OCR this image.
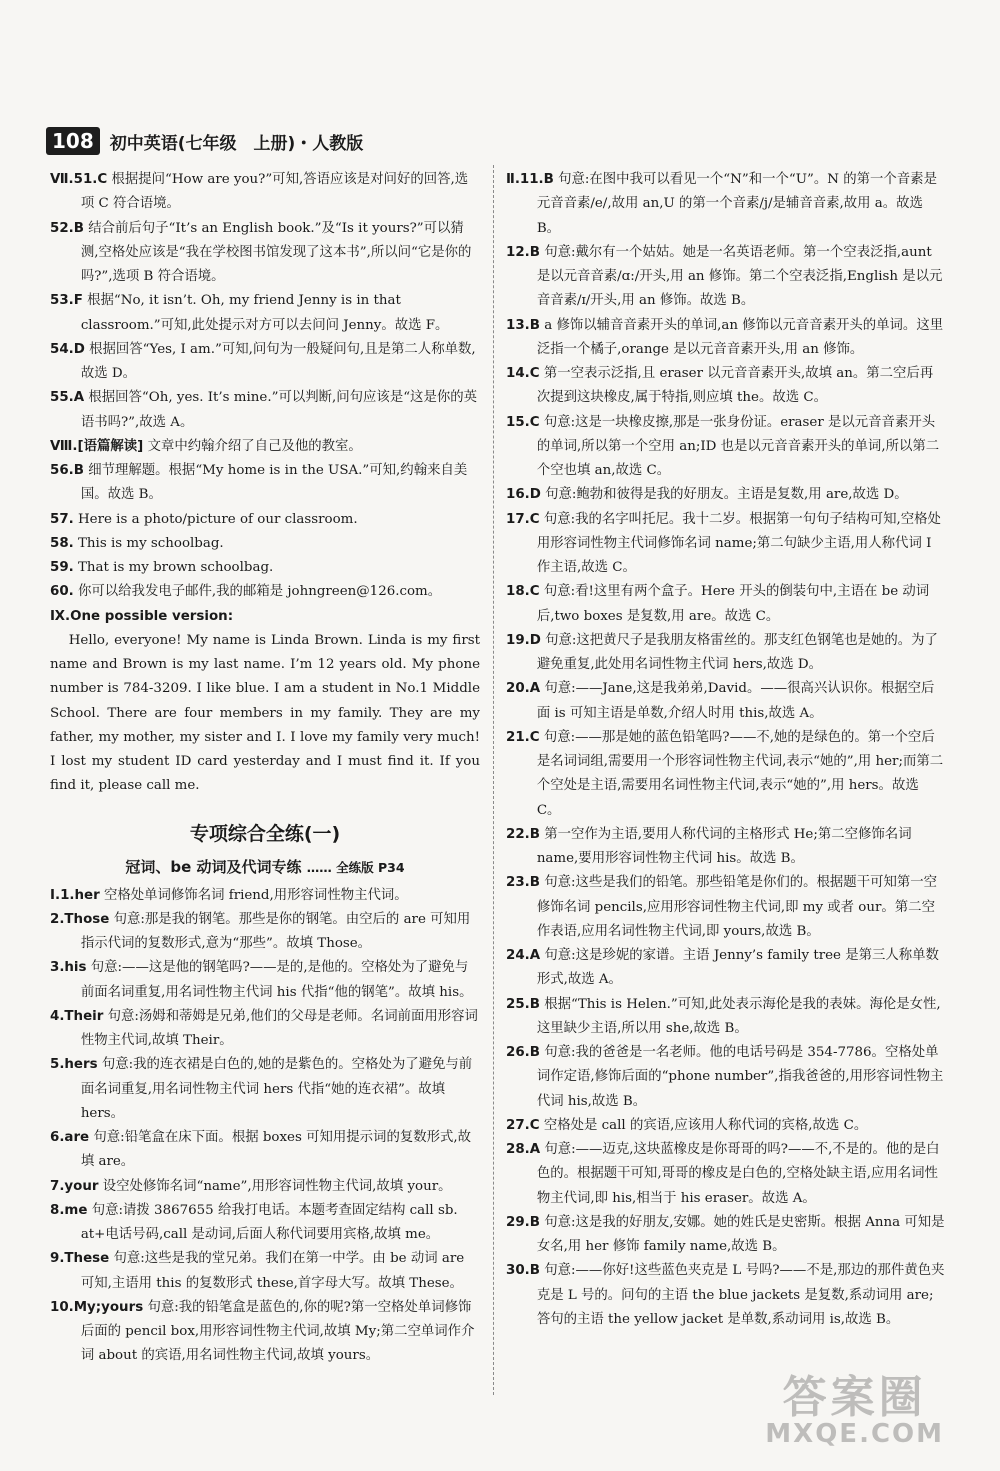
108 初中英语(七年级　上册)・人教版
Ⅶ.51.C 根据提问“How are you?”可知,答语应该是对问好的回答,选项 C 符合语境。
52.B 结合前后句子“It’s an English book.”及“Is it yours?”可以猜测,空格处应该是“我在学校图书馆发现了这本书”,所以问“它是你的吗?”,选项 B 符合语境。
53.F 根据“No, it isn’t. Oh, my friend Jenny is in that classroom.”可知,此处提示对方可以去问问 Jenny。故选 F。
54.D 根据回答“Yes, I am.”可知,问句为一般疑问句,且是第二人称单数,故选 D。
55.A 根据回答“Oh, yes. It’s mine.”可以判断,问句应该是“这是你的英语书吗?”,故选 A。
Ⅷ.[语篇解读] 文章中约翰介绍了自己及他的教室。
56.B 细节理解题。根据“My home is in the USA.”可知,约翰来自美国。故选 B。
57. Here is a photo/picture of our classroom.
58. This is my schoolbag.
59. That is my brown schoolbag.
60. 你可以给我发电子邮件,我的邮箱是 johngreen@126.com。
Ⅸ.One possible version:
Hello, everyone! My name is Linda Brown. Linda is my first name and Brown is my last name. I’m 12 years old. My phone number is 784-3209. I like blue. I am a student in No.1 Middle School. There are four members in my family. They are my father, my mother, my sister and I. I love my family very much! I lost my student ID card yesterday and I must find it. If you find it, please call me.
专项综合全练(一)
冠词、be 动词及代词专练 …… 全练版 P34
Ⅰ.1.her 空格处单词修饰名词 friend,用形容词性物主代词。
2.Those 句意:那是我的钢笔。那些是你的钢笔。由空后的 are 可知用指示代词的复数形式,意为“那些”。故填 Those。
3.his 句意:——这是他的钢笔吗?——是的,是他的。空格处为了避免与前面名词重复,用名词性物主代词 his 代指“他的钢笔”。故填 his。
4.Their 句意:汤姆和蒂姆是兄弟,他们的父母是老师。名词前面用形容词性物主代词,故填 Their。
5.hers 句意:我的连衣裙是白色的,她的是紫色的。空格处为了避免与前面名词重复,用名词性物主代词 hers 代指“她的连衣裙”。故填 hers。
6.are 句意:铅笔盒在床下面。根据 boxes 可知用提示词的复数形式,故填 are。
7.your 设空处修饰名词“name”,用形容词性物主代词,故填 your。
8.me 句意:请拨 3867655 给我打电话。本题考查固定结构 call sb. at+电话号码,call 是动词,后面人称代词要用宾格,故填 me。
9.These 句意:这些是我的堂兄弟。我们在第一中学。由 be 动词 are 可知,主语用 this 的复数形式 these,首字母大写。故填 These。
10.My;yours 句意:我的铅笔盒是蓝色的,你的呢?第一空格处单词修饰后面的 pencil box,用形容词性物主代词,故填 My;第二空单词作介词 about 的宾语,用名词性物主代词,故填 yours。
Ⅱ.11.B 句意:在图中我可以看见一个“N”和一个“U”。N 的第一个音素是元音音素/e/,故用 an,U 的第一个音素/j/是辅音音素,故用 a。故选 B。
12.B 句意:戴尔有一个姑姑。她是一名英语老师。第一个空表泛指,aunt 是以元音音素/ɑ:/开头,用 an 修饰。第二个空表泛指,English 是以元音音素/ɪ/开头,用 an 修饰。故选 B。
13.B a 修饰以辅音音素开头的单词,an 修饰以元音音素开头的单词。这里泛指一个橘子,orange 是以元音音素开头,用 an 修饰。
14.C 第一空表示泛指,且 eraser 以元音音素开头,故填 an。第二空后再次提到这块橡皮,属于特指,则应填 the。故选 C。
15.C 句意:这是一块橡皮擦,那是一张身份证。eraser 是以元音音素开头的单词,所以第一个空用 an;ID 也是以元音音素开头的单词,所以第二个空也填 an,故选 C。
16.D 句意:鲍勃和彼得是我的好朋友。主语是复数,用 are,故选 D。
17.C 句意:我的名字叫托尼。我十二岁。根据第一句句子结构可知,空格处用形容词性物主代词修饰名词 name;第二句缺少主语,用人称代词 I 作主语,故选 C。
18.C 句意:看!这里有两个盒子。Here 开头的倒装句中,主语在 be 动词后,two boxes 是复数,用 are。故选 C。
19.D 句意:这把黄尺子是我朋友格雷丝的。那支红色钢笔也是她的。为了避免重复,此处用名词性物主代词 hers,故选 D。
20.A 句意:——Jane,这是我弟弟,David。——很高兴认识你。根据空后面 is 可知主语是单数,介绍人时用 this,故选 A。
21.C 句意:——那是她的蓝色铅笔吗?——不,她的是绿色的。第一个空后是名词词组,需要用一个形容词性物主代词,表示“她的”,用 her;而第二个空处是主语,需要用名词性物主代词,表示“她的”,用 hers。故选 C。
22.B 第一空作为主语,要用人称代词的主格形式 He;第二空修饰名词 name,要用形容词性物主代词 his。故选 B。
23.B 句意:这些是我们的铅笔。那些铅笔是你们的。根据题干可知第一空修饰名词 pencils,应用形容词性物主代词,即 my 或者 our。第二空作表语,应用名词性物主代词,即 yours,故选 B。
24.A 句意:这是珍妮的家谱。主语 Jenny’s family tree 是第三人称单数形式,故选 A。
25.B 根据“This is Helen.”可知,此处表示海伦是我的表妹。海伦是女性,这里缺少主语,所以用 she,故选 B。
26.B 句意:我的爸爸是一名老师。他的电话号码是 354-7786。空格处单词作定语,修饰后面的“phone number”,指我爸爸的,用形容词性物主代词 his,故选 B。
27.C 空格处是 call 的宾语,应该用人称代词的宾格,故选 C。
28.A 句意:——迈克,这块蓝橡皮是你哥哥的吗?——不,不是的。他的是白色的。根据题干可知,哥哥的橡皮是白色的,空格处缺主语,应用名词性物主代词,即 his,相当于 his eraser。故选 A。
29.B 句意:这是我的好朋友,安娜。她的姓氏是史密斯。根据 Anna 可知是女名,用 her 修饰 family name,故选 B。
30.B 句意:——你好!这些蓝色夹克是 L 号吗?——不是,那边的那件黄色夹克是 L 号的。问句的主语 the blue jackets 是复数,系动词用 are;答句的主语 the yellow jacket 是单数,系动词用 is,故选 B。
答案圈
MXQE.COM
